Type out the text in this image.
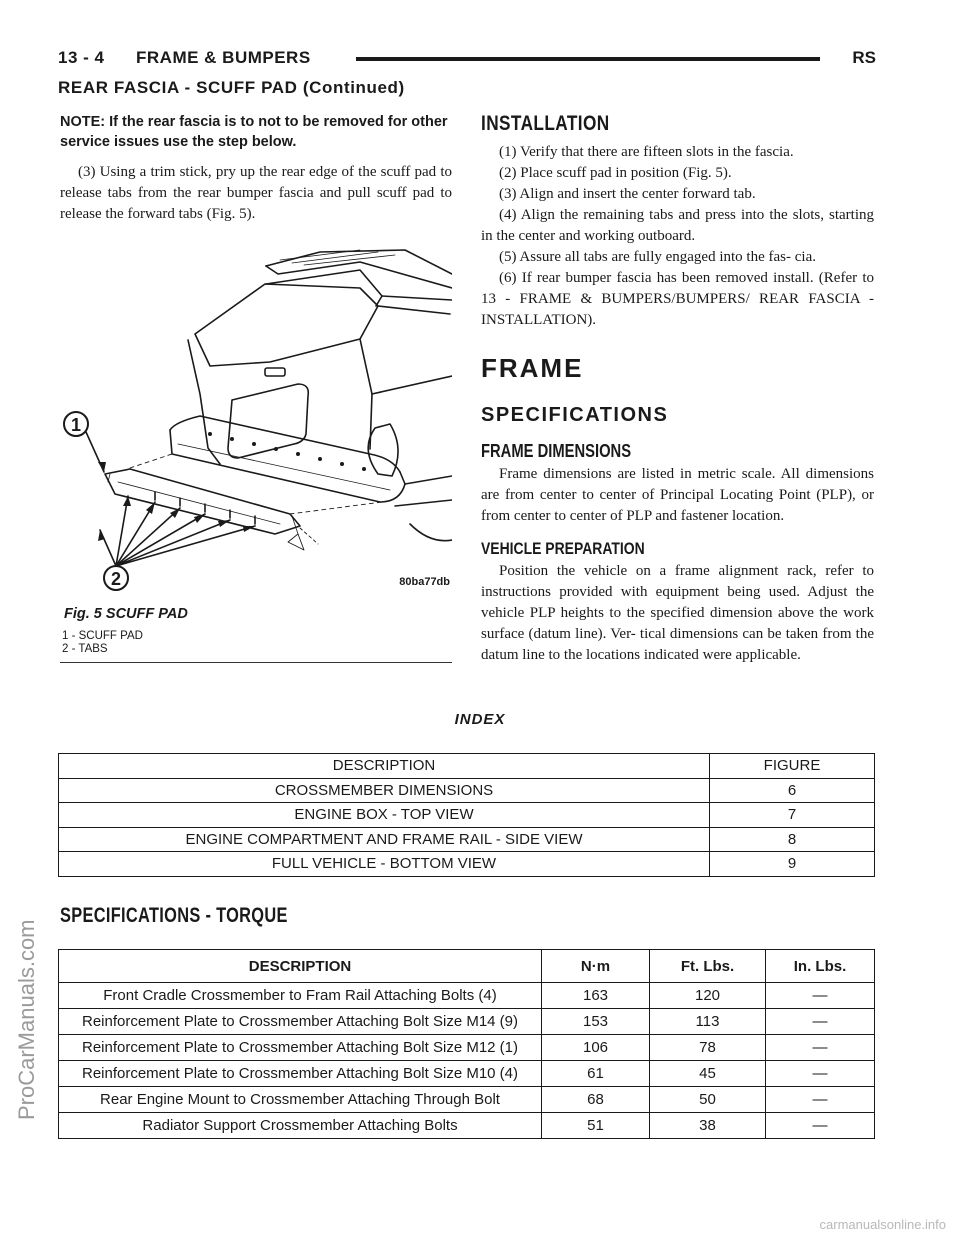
13 - 4 FRAME & BUMPERS	RS
REAR FASCIA - SCUFF PAD (Continued)

NOTE: If the rear fascia is to not to be removed for other service issues use the step below.

(3) Using a trim stick, pry up the rear edge of the scuff pad to release tabs from the rear bumper fascia and pull scuff pad to release the forward tabs (Fig. 5).

1
2	80ba77db
Fig. 5 SCUFF PAD
1 - SCUFF PAD
2 - TABS
INSTALLATION

(1) Verify that there are fifteen slots in the fascia.

(2) Place scuff pad in position (Fig. 5).

(3) Align and insert the center forward tab.

(4) Align the remaining tabs and press into the slots, starting in the center and working outboard.

(5) Assure all tabs are fully engaged into the fas- cia.

(6) If rear bumper fascia has been removed install. (Refer to 13 - FRAME & BUMPERS/BUMPERS/ REAR FASCIA - INSTALLATION).

FRAME
SPECIFICATIONS
FRAME DIMENSIONS

Frame dimensions are listed in metric scale. All dimensions are from center to center of Principal Locating Point (PLP), or from center to center of PLP and fastener location.

VEHICLE PREPARATION

Position the vehicle on a frame alignment rack, refer to instructions provided with equipment being used. Adjust the vehicle PLP heights to the specified dimension above the work surface (datum line). Ver- tical dimensions can be taken from the datum line to the locations indicated were applicable.

INDEX
DESCRIPTION	FIGURE
CROSSMEMBER DIMENSIONS	6
ENGINE BOX - TOP VIEW	7
ENGINE COMPARTMENT AND FRAME RAIL - SIDE VIEW	8
FULL VEHICLE - BOTTOM VIEW	9
SPECIFICATIONS - TORQUE
DESCRIPTION	N·m	Ft. Lbs.	In. Lbs.
Front Cradle Crossmember to Fram Rail Attaching Bolts (4)	163	120	—
Reinforcement Plate to Crossmember Attaching Bolt Size M14 (9)	153	113	—
Reinforcement Plate to Crossmember Attaching Bolt Size M12 (1)	106	78	—
Reinforcement Plate to Crossmember Attaching Bolt Size M10 (4)	61	45	—
Rear Engine Mount to Crossmember Attaching Through Bolt	68	50	—
Radiator Support Crossmember Attaching Bolts	51	38	—
ProCarManuals.com
carmanualsonline.info
